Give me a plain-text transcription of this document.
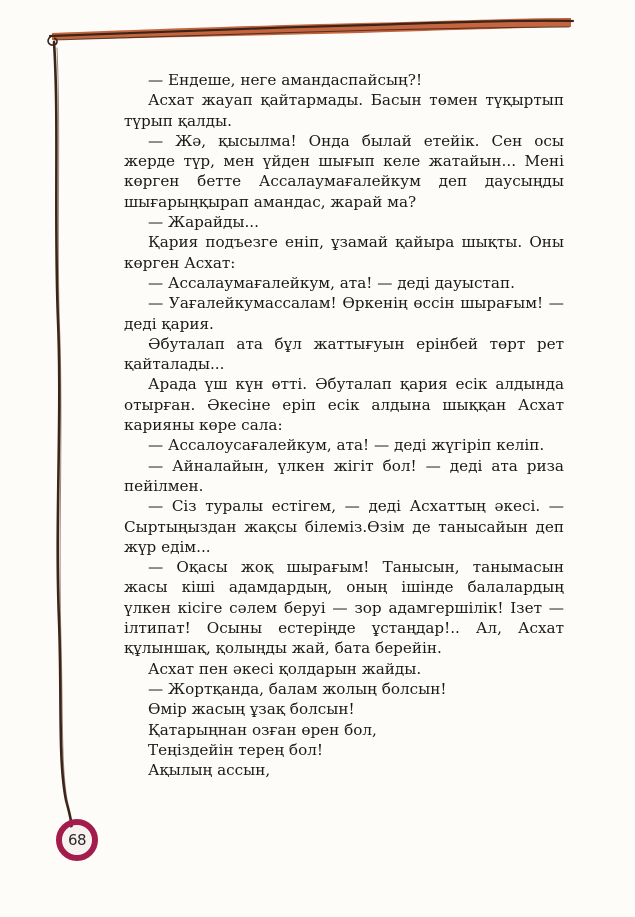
— Ендеше, неге амандаспайсың?!

Асхат жауап қайтармады. Басын төмен түқыртып түрып қалды.

— Жә, қысылма! Онда былай етейік. Сен осы жерде түр, мен үйден шығып келе жатайын... Мені көрген бетте Ассалаумағалейкум деп даусыңды шығарыңқырап амандас, жарай ма?

— Жарайды...

Қария подъезге еніп, ұзамай қайыра шықты. Оны көрген Асхат:

— Ассалаумағалейкум, ата! — деді дауыстап.

— Уағалейкумассалам! Өркенің өссін шырағым! — деді қария.

Әбуталап ата бұл жаттығуын ерінбей төрт рет қайталады...

Арада үш күн өтті. Әбуталап қария есік алдында отырған. Әкесіне еріп есік алдына шыққан Асхат карияны көре сала:

— Ассалоусағалейкум, ата! — деді жүгіріп келіп.

— Айналайын, үлкен жігіт бол! — деді ата риза пейілмен.

— Сіз туралы естігем, — деді Асхаттың әкесі. — Сыртыңыздан жақсы білеміз.Өзім де танысайын деп жүр едім...

— Оқасы жоқ шырағым! Танысын, танымасын жасы кіші адамдардың, оның ішінде балалардың үлкен кісіге сәлем беруі — зор адамгершілік! Ізет — ілтипат! Осыны естеріңде ұстаңдар!.. Ал, Асхат құлыншақ, қолыңды жай, бата берейін.

Асхат пен әкесі қолдарын жайды.

— Жортқанда, балам жолың болсын!

Өмір жасың ұзақ болсын!

Қатарыңнан озған өрен бол,

Теңіздейін терең бол!

Ақылың ассын,

68
